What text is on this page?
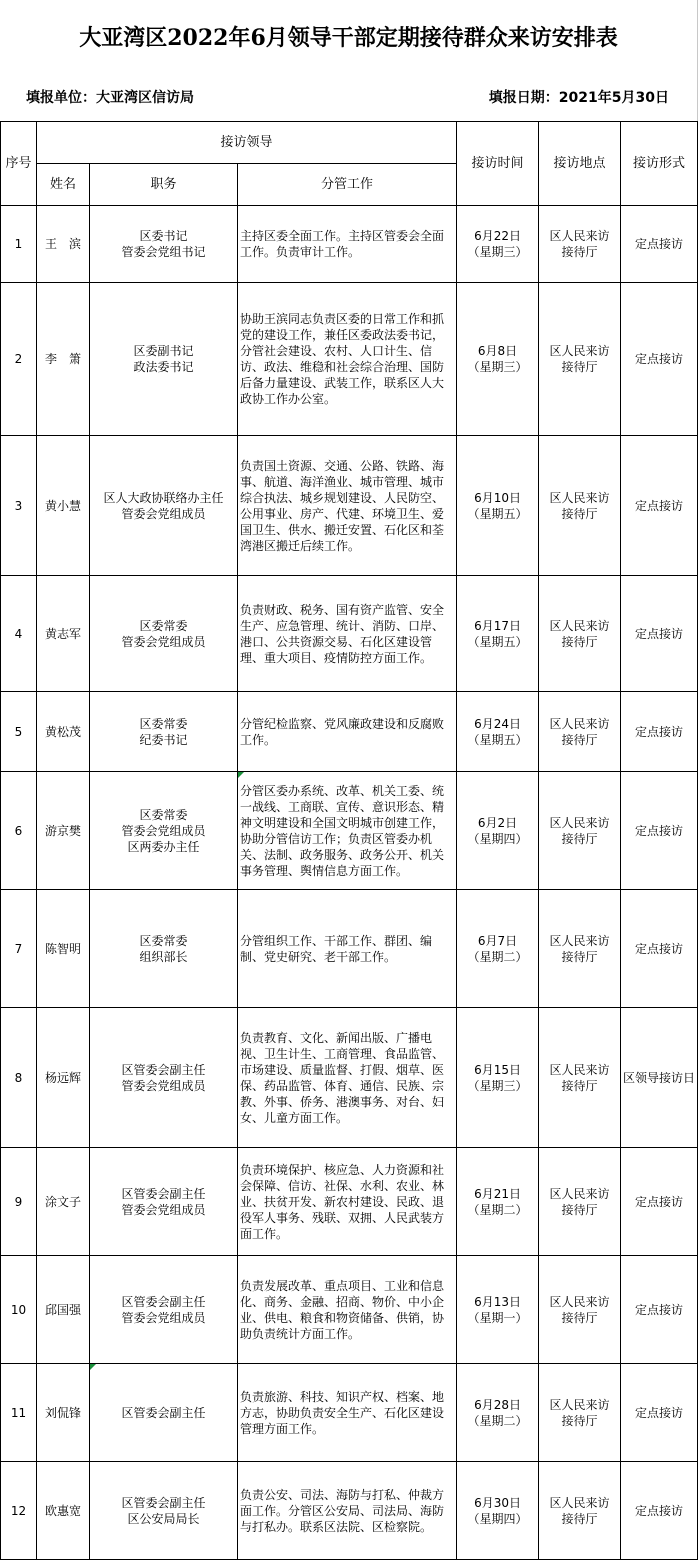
大亚湾区2022年6月领导干部定期接待群众来访安排表
填报单位：大亚湾区信访局	填报日期：2021年5月30日
序号	接访领导			接访时间	接访地点	接访形式
	姓名	职务	分管工作			
1	王　滨	区委书记
管委会党组书记	主持区委全面工作。主持区管委会全面工作。负责审计工作。	6月22日
（星期三）	区人民来访
接待厅	定点接访
2	李　箫	区委副书记
政法委书记	协助王滨同志负责区委的日常工作和抓党的建设工作，兼任区委政法委书记，分管社会建设、农村、人口计生、信访、政法、维稳和社会综合治理、国防后备力量建设、武装工作，联系区人大政协工作办公室。	6月8日
（星期三）	区人民来访
接待厅	定点接访
3	黄小慧	区人大政协联络办主任
管委会党组成员	负责国土资源、交通、公路、铁路、海事、航道、海洋渔业、城市管理、城市综合执法、城乡规划建设、人民防空、公用事业、房产、代建、环境卫生、爱国卫生、供水、搬迁安置、石化区和荃湾港区搬迁后续工作。	6月10日
（星期五）	区人民来访
接待厅	定点接访
4	黄志军	区委常委
管委会党组成员	负责财政、税务、国有资产监管、安全生产、应急管理、统计、消防、口岸、港口、公共资源交易、石化区建设管理、重大项目、疫情防控方面工作。	6月17日
（星期五）	区人民来访
接待厅	定点接访
5	黄松茂	区委常委
纪委书记	分管纪检监察、党风廉政建设和反腐败工作。	6月24日
（星期五）	区人民来访
接待厅	定点接访
6	游京樊	区委常委
管委会党组成员
区两委办主任	分管区委办系统、改革、机关工委、统一战线、工商联、宣传、意识形态、精神文明建设和全国文明城市创建工作，协助分管信访工作；负责区管委办机关、法制、政务服务、政务公开、机关事务管理、舆情信息方面工作。	6月2日
（星期四）	区人民来访
接待厅	定点接访
7	陈智明	区委常委
组织部长	分管组织工作、干部工作、群团、编制、党史研究、老干部工作。	6月7日
（星期二）	区人民来访
接待厅	定点接访
8	杨远辉	区管委会副主任
管委会党组成员	负责教育、文化、新闻出版、广播电视、卫生计生、工商管理、食品监管、市场建设、质量监督、打假、烟草、医保、药品监管、体育、通信、民族、宗教、外事、侨务、港澳事务、对台、妇女、儿童方面工作。	6月15日
（星期三）	区人民来访
接待厅	区领导接访日
9	涂文子	区管委会副主任
管委会党组成员	负责环境保护、核应急、人力资源和社会保障、信访、社保、水利、农业、林业、扶贫开发、新农村建设、民政、退役军人事务、残联、双拥、人民武装方面工作。	6月21日
（星期二）	区人民来访
接待厅	定点接访
10	邱国强	区管委会副主任
管委会党组成员	负责发展改革、重点项目、工业和信息化、商务、金融、招商、物价、中小企业、供电、粮食和物资储备、供销，协助负责统计方面工作。	6月13日
（星期一）	区人民来访
接待厅	定点接访
11	刘侃锋	区管委会副主任	负责旅游、科技、知识产权、档案、地方志，协助负责安全生产、石化区建设管理方面工作。	6月28日
（星期二）	区人民来访
接待厅	定点接访
12	欧惠宽	区管委会副主任
区公安局局长	负责公安、司法、海防与打私、仲裁方面工作。分管区公安局、司法局、海防与打私办。联系区法院、区检察院。	6月30日
（星期四）	区人民来访
接待厅	定点接访
